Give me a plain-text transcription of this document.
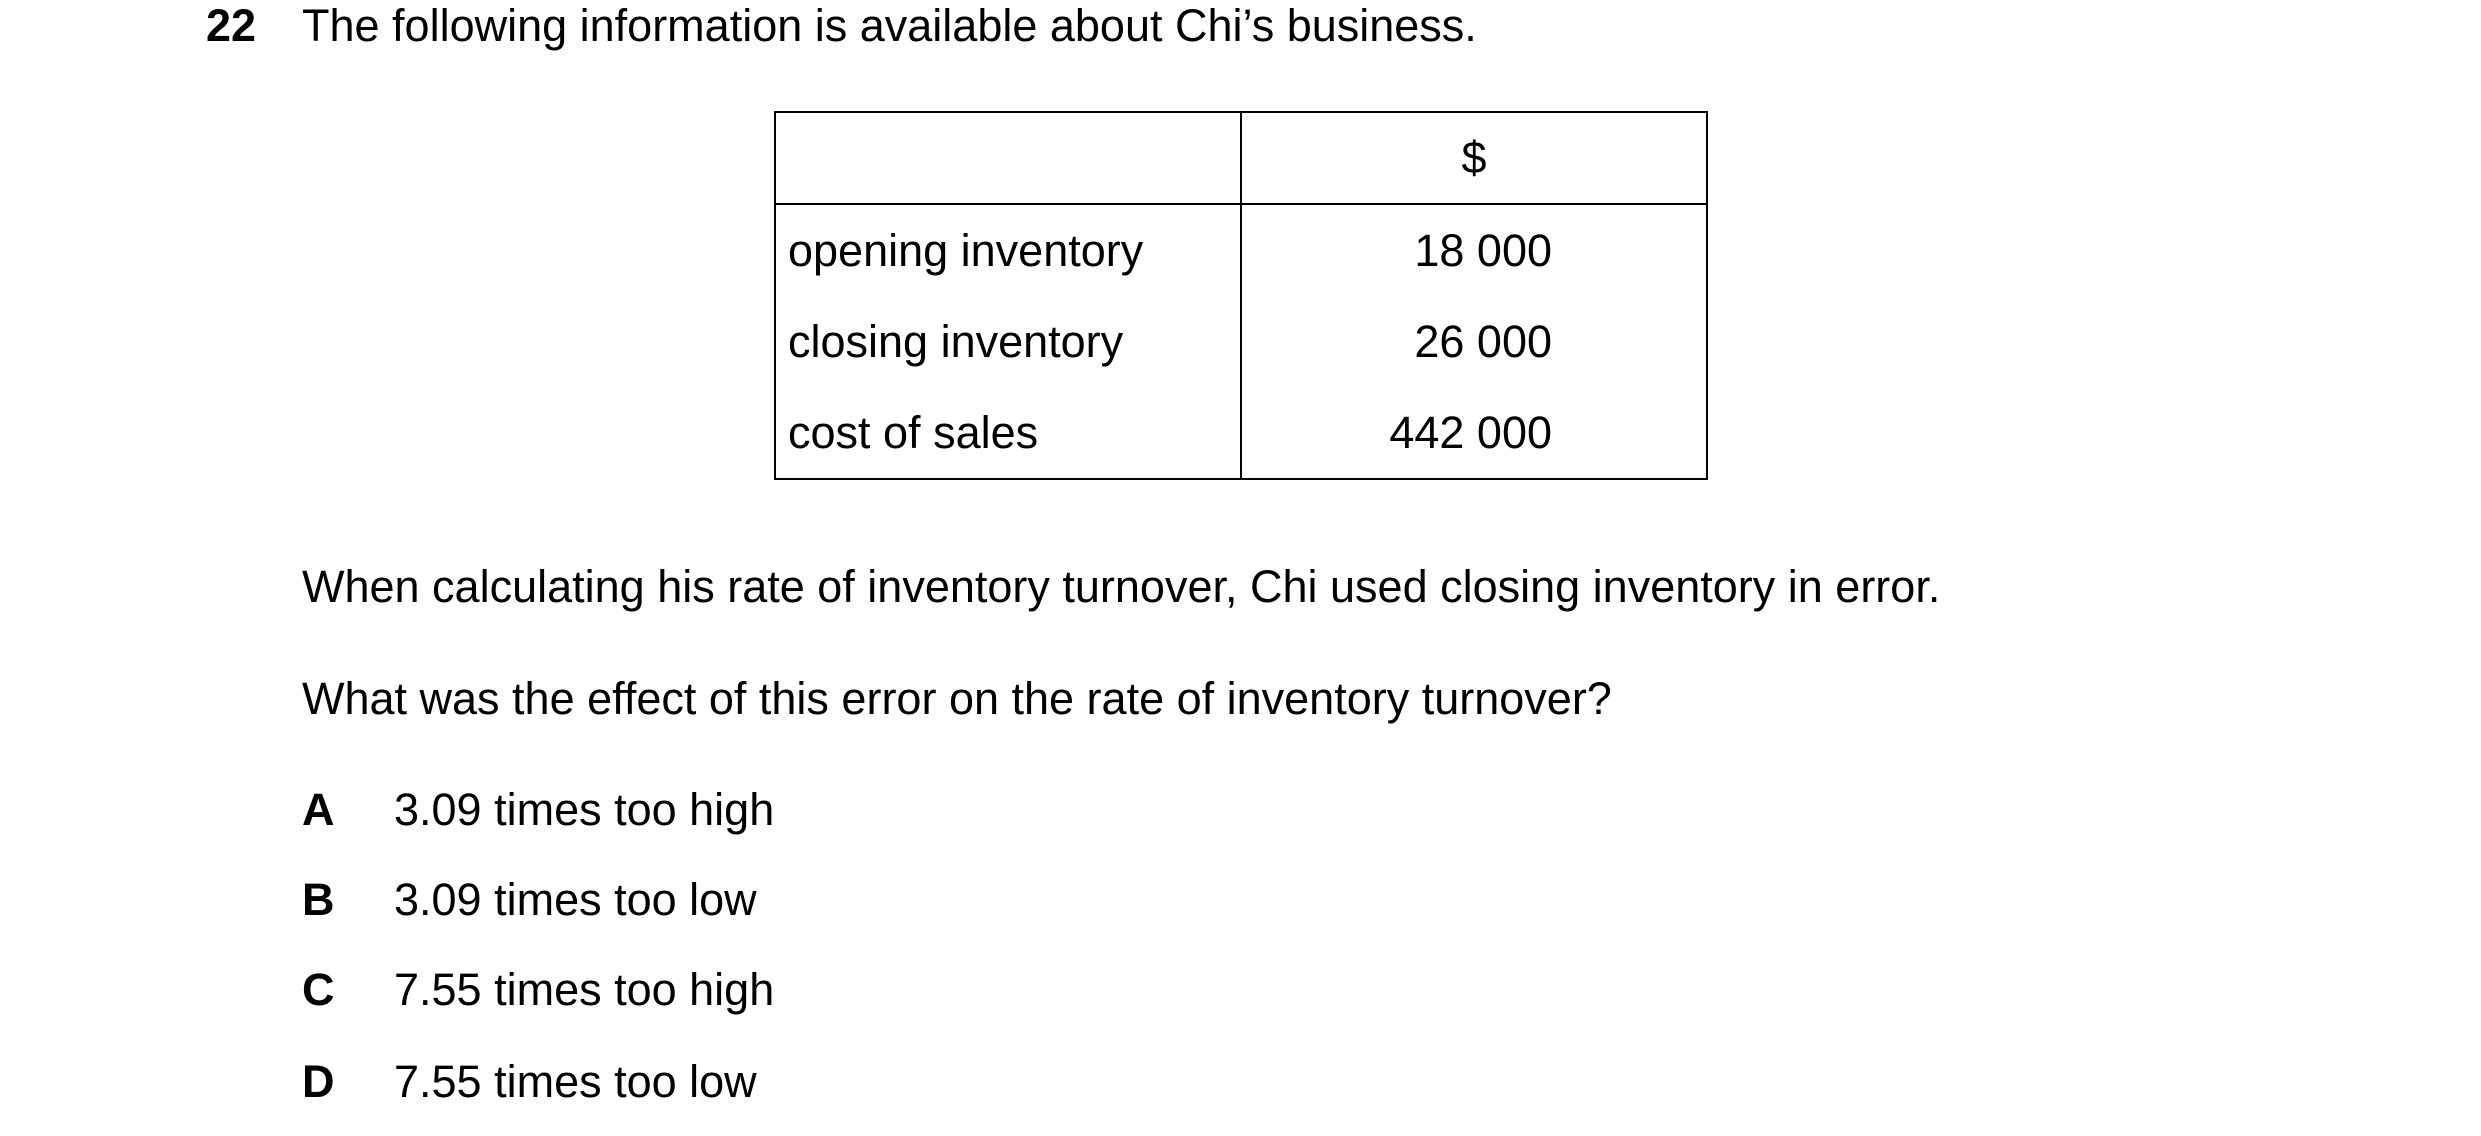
22 The following information is available about Chi’s business.
	$
opening inventory	18 000

closing inventory	26 000

cost of sales	442 000
When calculating his rate of inventory turnover, Chi used closing inventory in error.
What was the effect of this error on the rate of inventory turnover?
A 3.09 times too high
B 3.09 times too low
C 7.55 times too high
D 7.55 times too low
